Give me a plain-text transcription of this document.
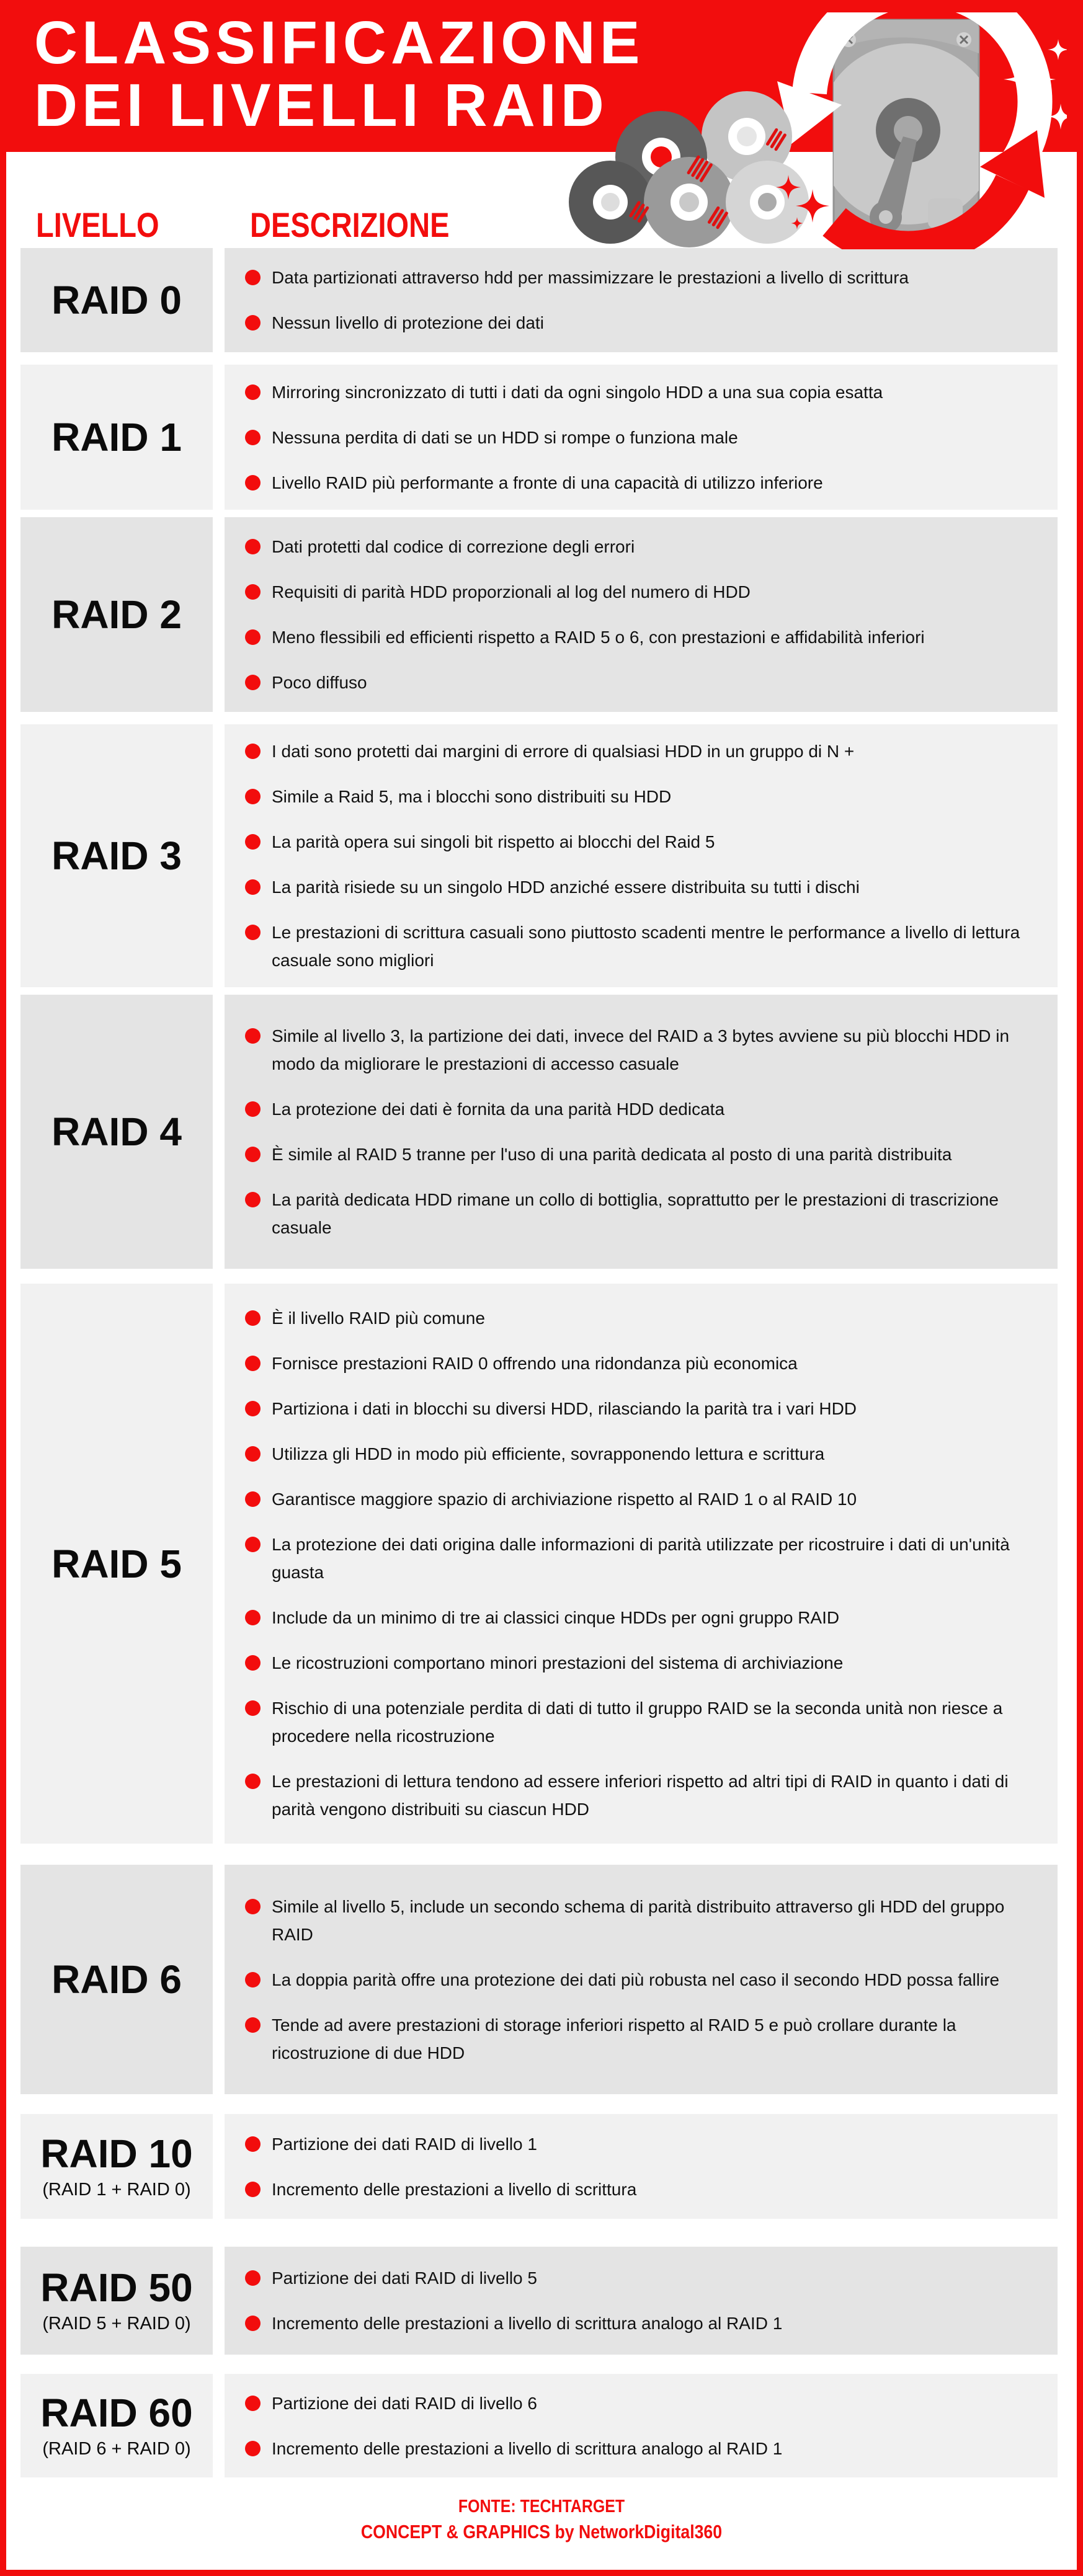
CLASSIFICAZIONE
DEI LIVELLI RAID
LIVELLO	DESCRIZIONE
RAID 0
Data partizionati attraverso hdd per massimizzare le prestazioni a livello di scrittura
Nessun livello di protezione dei dati
RAID 1
Mirroring sincronizzato di tutti i dati da ogni singolo HDD a una sua copia esatta
Nessuna perdita di dati se un HDD si rompe o funziona male
Livello RAID più performante a fronte di una capacità di utilizzo inferiore
RAID 2
Dati protetti dal codice di correzione degli errori
Requisiti di parità HDD proporzionali al log del numero di HDD
Meno flessibili ed efficienti rispetto a RAID 5 o 6, con prestazioni e affidabilità inferiori
Poco diffuso
RAID 3
I dati sono protetti dai margini di errore di qualsiasi HDD in un gruppo di N +
Simile a Raid 5, ma i blocchi sono distribuiti su HDD
La parità opera sui singoli bit rispetto ai blocchi del Raid 5
La parità risiede su un singolo HDD anziché essere distribuita su tutti i dischi
Le prestazioni di scrittura casuali sono piuttosto scadenti mentre le performance a livello di lettura casuale sono migliori
RAID 4
Simile al livello 3, la partizione dei dati, invece del RAID a 3 bytes avviene su più blocchi HDD in modo da migliorare le prestazioni di accesso casuale
La protezione dei dati è fornita da una parità HDD dedicata
È simile al RAID 5 tranne per l'uso di una parità dedicata al posto di una parità distribuita
La parità dedicata HDD rimane un collo di bottiglia, soprattutto per le prestazioni di trascrizione casuale
RAID 5
È il livello RAID più comune
Fornisce prestazioni RAID 0 offrendo una ridondanza più economica
Partiziona i dati in blocchi su diversi HDD, rilasciando la parità tra i vari HDD
Utilizza gli HDD in modo più efficiente, sovrapponendo lettura e scrittura
Garantisce maggiore spazio di archiviazione rispetto al RAID 1 o al RAID 10
La protezione dei dati origina dalle informazioni di parità utilizzate per ricostruire i dati di un'unità guasta
Include da un minimo di tre ai classici cinque HDDs per ogni gruppo RAID
Le ricostruzioni comportano minori prestazioni del sistema di archiviazione
Rischio di una potenziale perdita di dati di tutto il gruppo RAID se la seconda unità non riesce a procedere nella ricostruzione
Le prestazioni di lettura tendono ad essere inferiori rispetto ad altri tipi di RAID in quanto i dati di parità vengono distribuiti su ciascun HDD
RAID 6
Simile al livello 5, include un secondo schema di parità distribuito attraverso gli HDD del gruppo RAID
La doppia parità offre una protezione dei dati più robusta nel caso il secondo HDD possa fallire
Tende ad avere prestazioni di storage inferiori rispetto al RAID 5 e può crollare durante la ricostruzione di due HDD
RAID 10
(RAID 1 + RAID 0)
Partizione dei dati RAID di livello 1
Incremento delle prestazioni a livello di scrittura
RAID 50
(RAID 5 + RAID 0)
Partizione dei dati RAID di livello 5
Incremento delle prestazioni a livello di scrittura analogo al RAID 1
RAID 60
(RAID 6 + RAID 0)
Partizione dei dati RAID di livello 6
Incremento delle prestazioni a livello di scrittura analogo al RAID 1
FONTE: TECHTARGET
CONCEPT & GRAPHICS by NetworkDigital360
